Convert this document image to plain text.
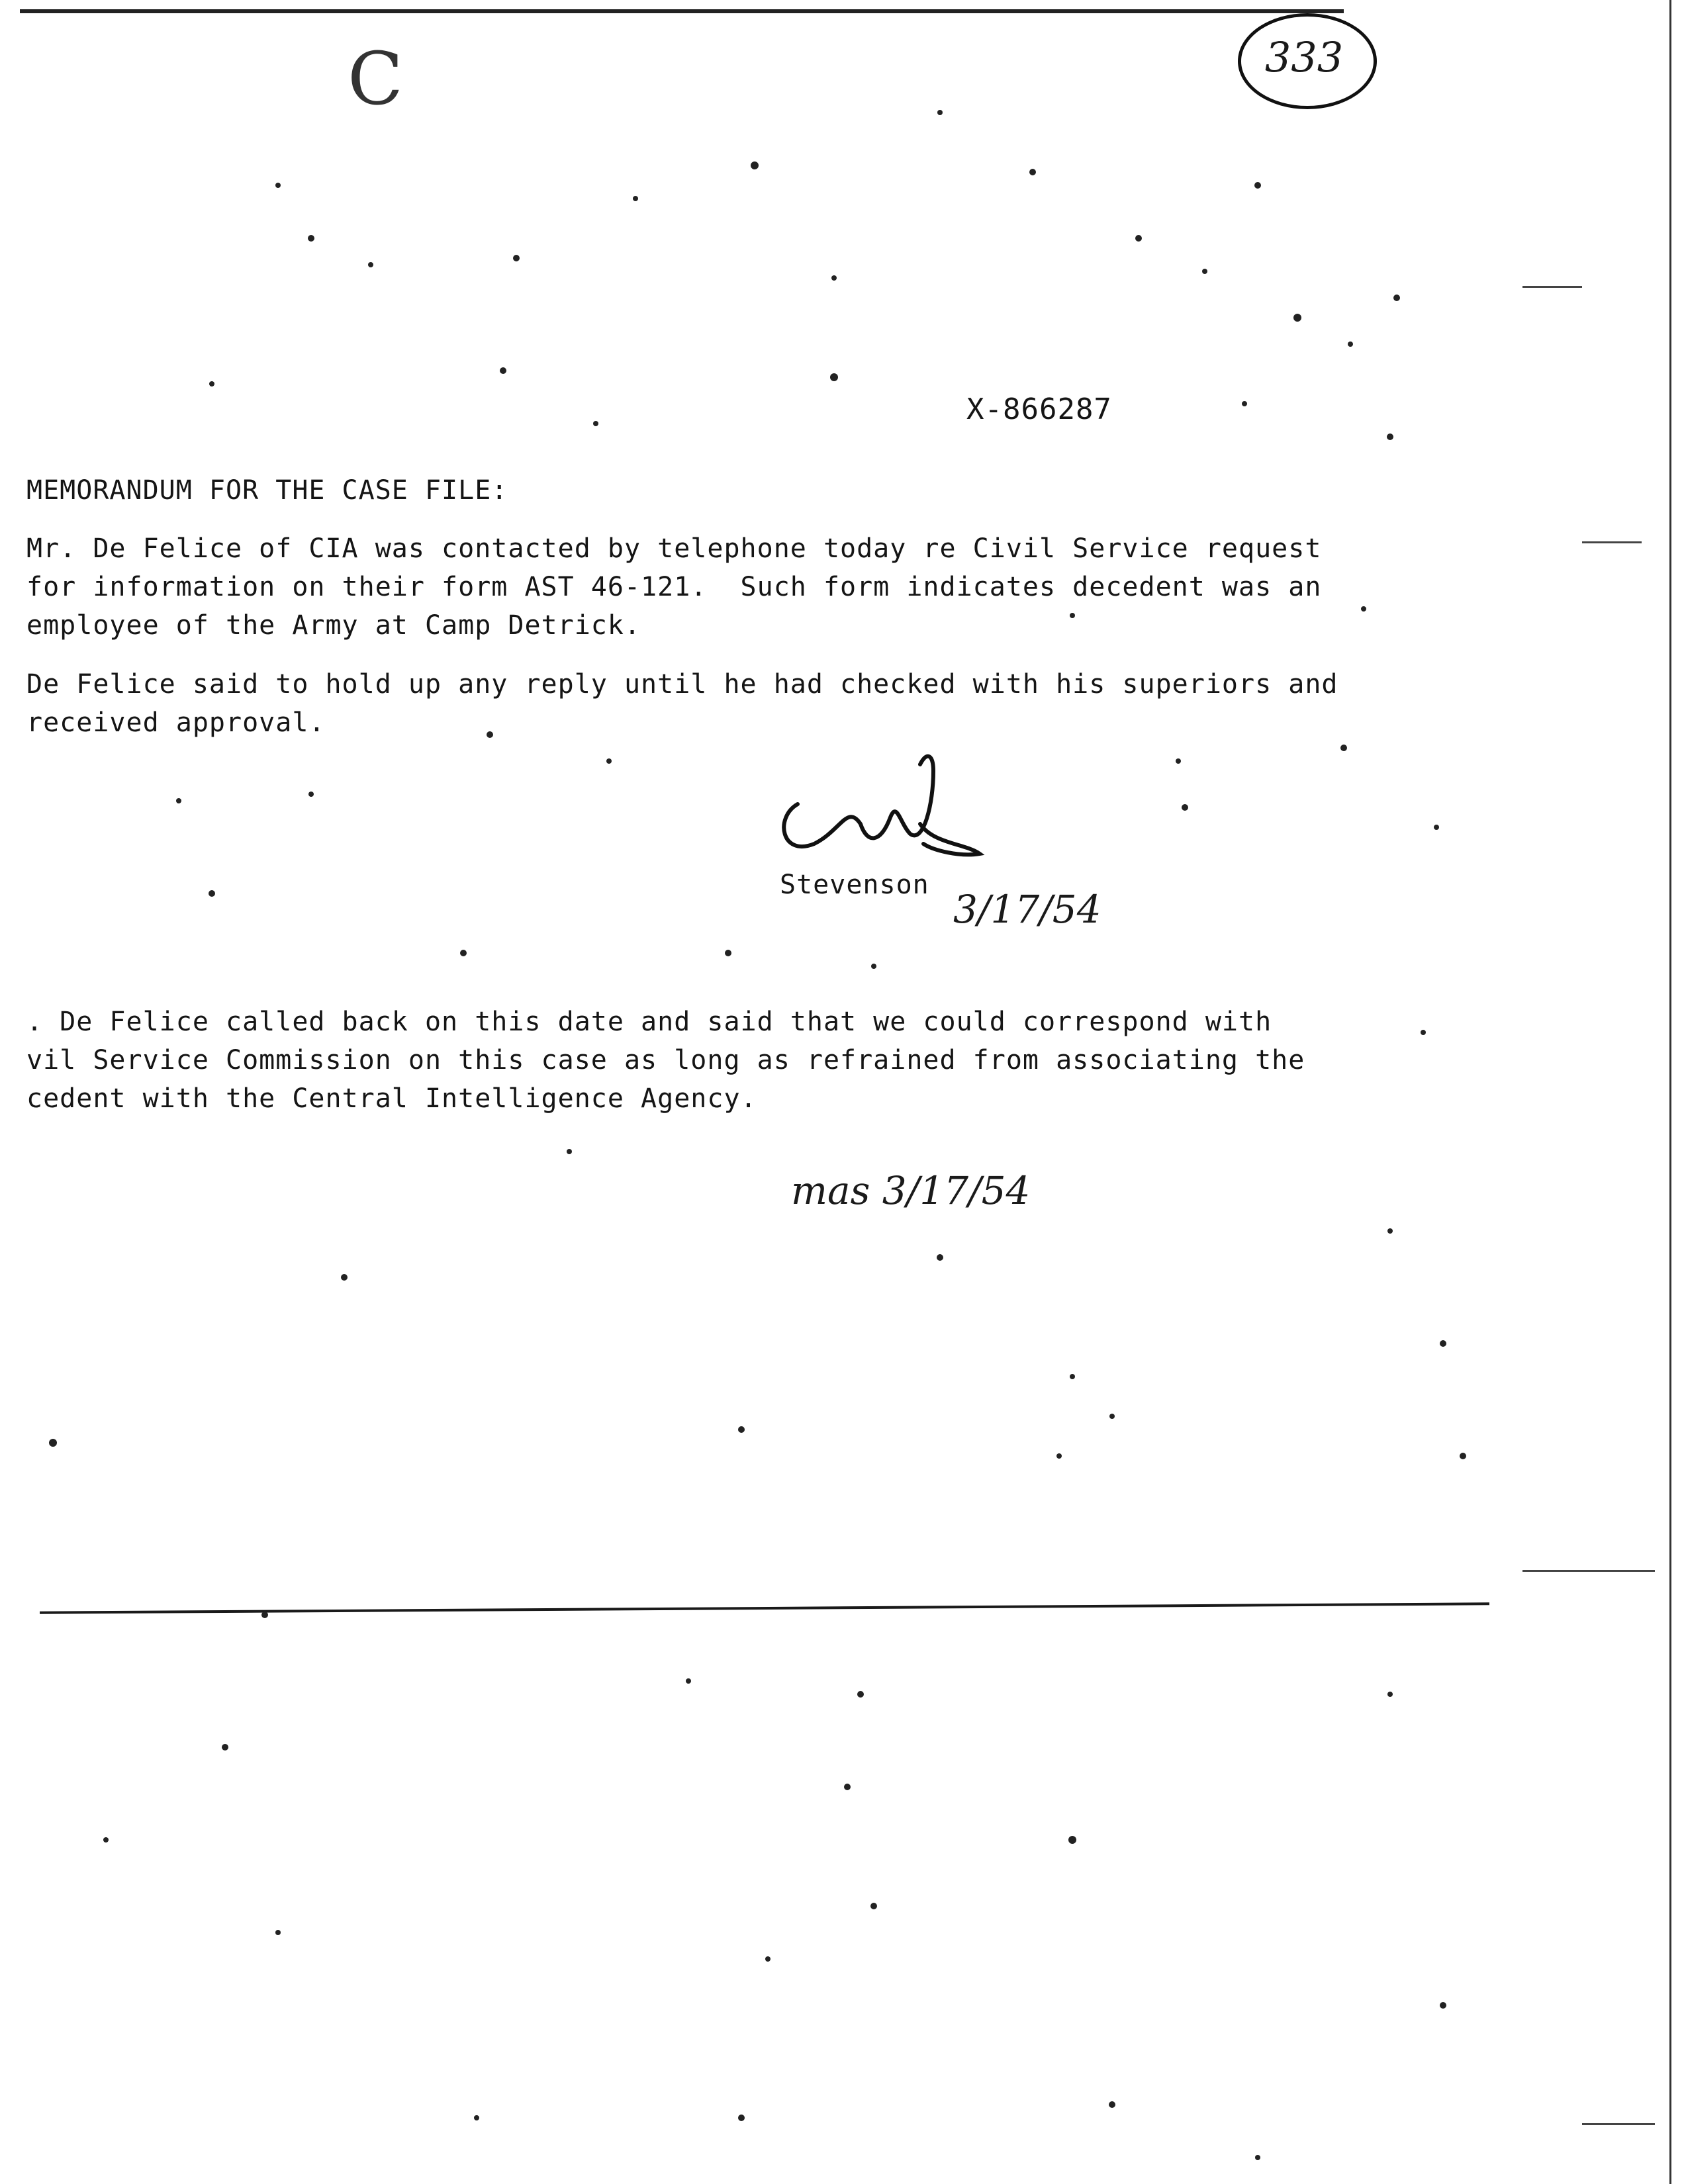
C	333
X-866287
MEMORANDUM FOR THE CASE FILE:
Mr. De Felice of CIA was contacted by telephone today re Civil Service request
for information on their form AST 46-121.  Such form indicates decedent was an
employee of the Army at Camp Detrick.
De Felice said to hold up any reply until he had checked with his superiors and
received approval.
Stevenson
3/17/54
. De Felice called back on this date and said that we could correspond with
vil Service Commission on this case as long as refrained from associating the
cedent with the Central Intelligence Agency.
mas 3/17/54
